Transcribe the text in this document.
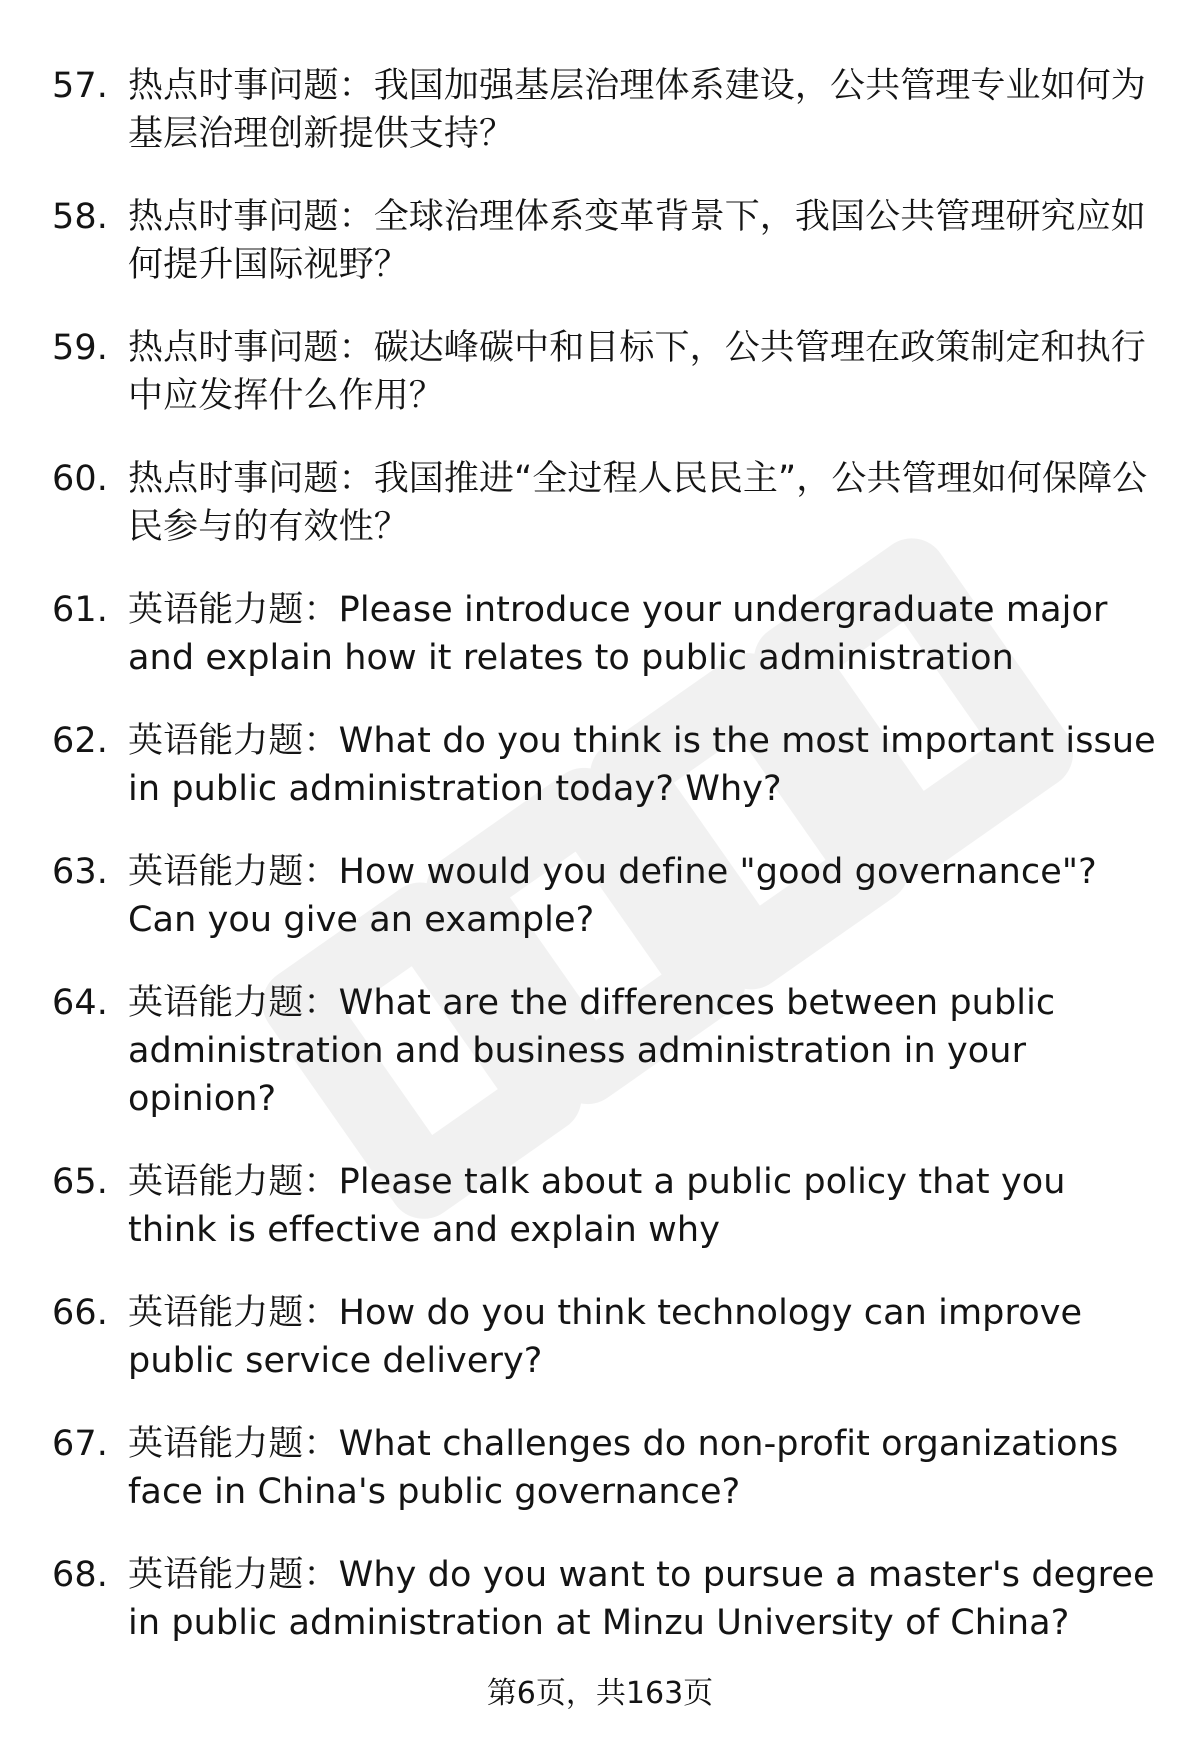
57. 热点时事问题：我国加强基层治理体系建设，公共管理专业如何为基层治理创新提供支持？
58. 热点时事问题：全球治理体系变革背景下，我国公共管理研究应如何提升国际视野？
59. 热点时事问题：碳达峰碳中和目标下，公共管理在政策制定和执行中应发挥什么作用？
60. 热点时事问题：我国推进“全过程人民民主”，公共管理如何保障公民参与的有效性？
61. 英语能力题：Please introduce your undergraduate major and explain how it relates to public administration
62. 英语能力题：What do you think is the most important issue in public administration today? Why?
63. 英语能力题：How would you define "good governance"? Can you give an example?
64. 英语能力题：What are the differences between public administration and business administration in your opinion?
65. 英语能力题：Please talk about a public policy that you think is effective and explain why
66. 英语能力题：How do you think technology can improve public service delivery?
67. 英语能力题：What challenges do non-profit organizations face in China's public governance?
68. 英语能力题：Why do you want to pursue a master's degree in public administration at Minzu University of China?
第6页，共163页
